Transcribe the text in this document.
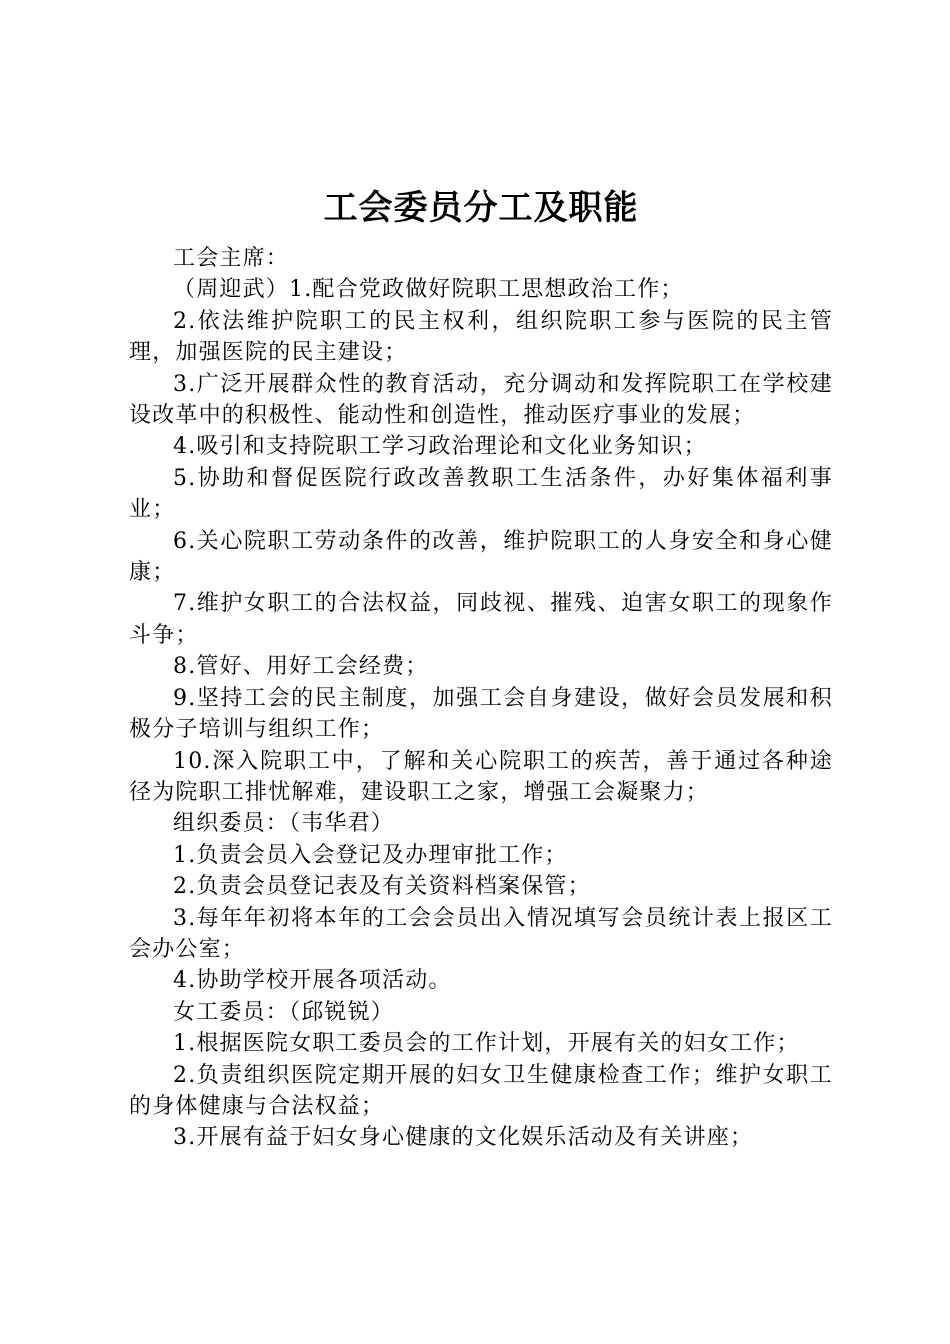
工会委员分工及职能

工会主席：

（周迎武）1.配合党政做好院职工思想政治工作；

2.依法维护院职工的民主权利，组织院职工参与医院的民主管理，加强医院的民主建设；

3.广泛开展群众性的教育活动，充分调动和发挥院职工在学校建设改革中的积极性、能动性和创造性，推动医疗事业的发展；

4.吸引和支持院职工学习政治理论和文化业务知识；

5.协助和督促医院行政改善教职工生活条件，办好集体福利事业；

6.关心院职工劳动条件的改善，维护院职工的人身安全和身心健康；

7.维护女职工的合法权益，同歧视、摧残、迫害女职工的现象作斗争；

8.管好、用好工会经费；

9.坚持工会的民主制度，加强工会自身建设，做好会员发展和积极分子培训与组织工作；

10.深入院职工中，了解和关心院职工的疾苦，善于通过各种途径为院职工排忧解难，建设职工之家，增强工会凝聚力；

组织委员：（韦华君）

1.负责会员入会登记及办理审批工作；

2.负责会员登记表及有关资料档案保管；

3.每年年初将本年的工会会员出入情况填写会员统计表上报区工会办公室；

4.协助学校开展各项活动。

女工委员：（邱锐锐）

1.根据医院女职工委员会的工作计划，开展有关的妇女工作；

2.负责组织医院定期开展的妇女卫生健康检查工作；维护女职工的身体健康与合法权益；

3.开展有益于妇女身心健康的文化娱乐活动及有关讲座；
